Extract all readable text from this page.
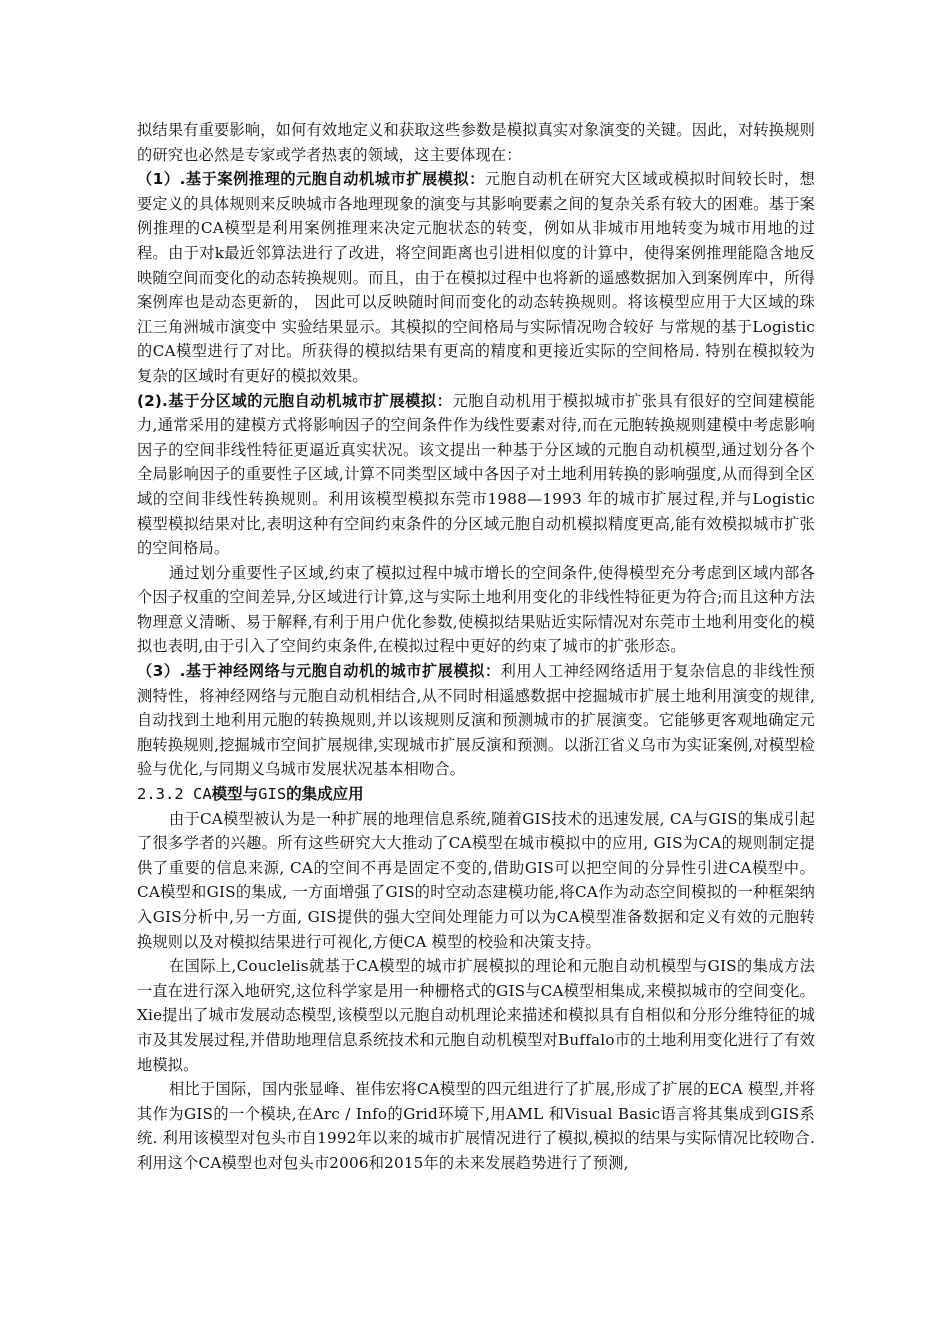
拟结果有重要影响，如何有效地定义和获取这些参数是模拟真实对象演变的关键。因此，对转换规则的研究也必然是专家或学者热衷的领域，这主要体现在：

（1）.基于案例推理的元胞自动机城市扩展模拟：元胞自动机在研究大区域或模拟时间较长时，想要定义的具体规则来反映城市各地理现象的演变与其影响要素之间的复杂关系有较大的困难。基于案例推理的CA模型是利用案例推理来决定元胞状态的转变，例如从非城市用地转变为城市用地的过程。由于对k最近邻算法进行了改进，将空间距离也引进相似度的计算中，使得案例推理能隐含地反映随空间而变化的动态转换规则。而且，由于在模拟过程中也将新的遥感数据加入到案例库中，所得案例库也是动态更新的， 因此可以反映随时间而变化的动态转换规则。将该模型应用于大区域的珠江三角洲城市演变中 实验结果显示。其模拟的空间格局与实际情况吻合较好 与常规的基于Logistic的CA模型进行了对比。所获得的模拟结果有更高的精度和更接近实际的空间格局. 特别在模拟较为复杂的区域时有更好的模拟效果。

(2).基于分区域的元胞自动机城市扩展模拟：元胞自动机用于模拟城市扩张具有很好的空间建模能力,通常采用的建模方式将影响因子的空间条件作为线性要素对待,而在元胞转换规则建模中考虑影响因子的空间非线性特征更逼近真实状况。该文提出一种基于分区域的元胞自动机模型,通过划分各个全局影响因子的重要性子区域,计算不同类型区域中各因子对土地利用转换的影响强度,从而得到全区域的空间非线性转换规则。利用该模型模拟东莞市1988—1993 年的城市扩展过程,并与Logistic 模型模拟结果对比,表明这种有空间约束条件的分区域元胞自动机模拟精度更高,能有效模拟城市扩张的空间格局。

通过划分重要性子区域,约束了模拟过程中城市增长的空间条件,使得模型充分考虑到区域内部各个因子权重的空间差异,分区域进行计算,这与实际土地利用变化的非线性特征更为符合;而且这种方法物理意义清晰、易于解释,有利于用户优化参数,使模拟结果贴近实际情况对东莞市土地利用变化的模拟也表明,由于引入了空间约束条件,在模拟过程中更好的约束了城市的扩张形态。

（3）.基于神经网络与元胞自动机的城市扩展模拟：利用人工神经网络适用于复杂信息的非线性预测特性，将神经网络与元胞自动机相结合,从不同时相遥感数据中挖掘城市扩展土地利用演变的规律,自动找到土地利用元胞的转换规则,并以该规则反演和预测城市的扩展演变。它能够更客观地确定元胞转换规则,挖掘城市空间扩展规律,实现城市扩展反演和预测。以浙江省义乌市为实证案例,对模型检验与优化,与同期义乌城市发展状况基本相吻合。

2.3.2 CA模型与GIS的集成应用

由于CA模型被认为是一种扩展的地理信息系统,随着GIS技术的迅速发展, CA与GIS的集成引起了很多学者的兴趣。所有这些研究大大推动了CA模型在城市模拟中的应用, GIS为CA的规则制定提供了重要的信息来源, CA的空间不再是固定不变的,借助GIS可以把空间的分异性引进CA模型中。 CA模型和GIS的集成, 一方面增强了GIS的时空动态建模功能,将CA作为动态空间模拟的一种框架纳入GIS分析中,另一方面, GIS提供的强大空间处理能力可以为CA模型准备数据和定义有效的元胞转换规则以及对模拟结果进行可视化,方便CA 模型的校验和决策支持。

在国际上,Couclelis就基于CA模型的城市扩展模拟的理论和元胞自动机模型与GIS的集成方法一直在进行深入地研究,这位科学家是用一种栅格式的GIS与CA模型相集成,来模拟城市的空间变化。Xie提出了城市发展动态模型,该模型以元胞自动机理论来描述和模拟具有自相似和分形分维特征的城市及其发展过程,并借助地理信息系统技术和元胞自动机模型对Buffalo市的土地利用变化进行了有效地模拟。

相比于国际，国内张显峰、崔伟宏将CA模型的四元组进行了扩展,形成了扩展的ECA 模型,并将其作为GIS的一个模块,在Arc / Info的Grid环境下,用AML 和Visual Basic语言将其集成到GIS系统. 利用该模型对包头市自1992年以来的城市扩展情况进行了模拟,模拟的结果与实际情况比较吻合. 利用这个CA模型也对包头市2006和2015年的未来发展趋势进行了预测,
